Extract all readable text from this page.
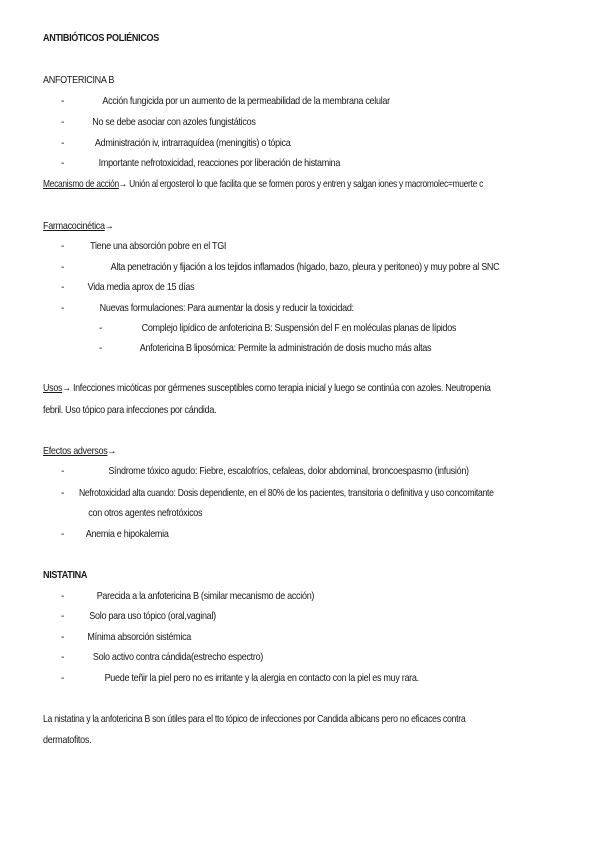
ANTIBIÓTICOS POLIÉNICOS
ANFOTERICINA B
-	Acción fungicida por un aumento de la permeabilidad de la membrana celular
-	No se debe asociar con azoles fungistáticos
-	Administración iv, intrarraquídea (meningitis) o tópica
-	Importante nefrotoxicidad, reacciones por liberación de histamina
Mecanismo de acción→ Unión al ergosterol lo que facilita que se formen poros y entren y salgan iones y macromolec=muerte c
Farmacocinética→
- Tiene una absorción pobre en el TGI
-	Alta penetración y fijación a los tejidos inflamados (hígado, bazo, pleura y peritoneo) y muy pobre al SNC
- Vida media aprox de 15 días
-	Nuevas formulaciones: Para aumentar la dosis y reducir la toxicidad:
-	Complejo lipídico de anfotericina B: Suspensión del F en moléculas planas de lípidos
-	Anfotericina B liposómica: Permite la administración de dosis mucho más altas
Usos→ Infecciones micóticas por gérmenes susceptibles como terapia inicial y luego se continúa con azoles. Neutropenia
febril. Uso tópico para infecciones por cándida.
Efectos adversos→
-	Síndrome tóxico agudo: Fiebre, escalofríos, cefaleas, dolor abdominal, broncoespasmo (infusión)
- Nefrotoxicidad alta cuando: Dosis dependiente, en el 80% de los pacientes, transitoria o definitiva y uso concomitante
con otros agentes nefrotóxicos
- Anemia e hipokalemia
NISTATINA
-	Parecida a la anfotericina B (similar mecanismo de acción)
- Solo para uso tópico (oral,vaginal)
- Mínima absorción sistémica
-	Solo activo contra cándida(estrecho espectro)
-	Puede teñir la piel pero no es irritante y la alergia en contacto con la piel es muy rara.
La nistatina y la anfotericina B son útiles para el tto tópico de infecciones por Candida albicans pero no eficaces contra
dermatofitos.
